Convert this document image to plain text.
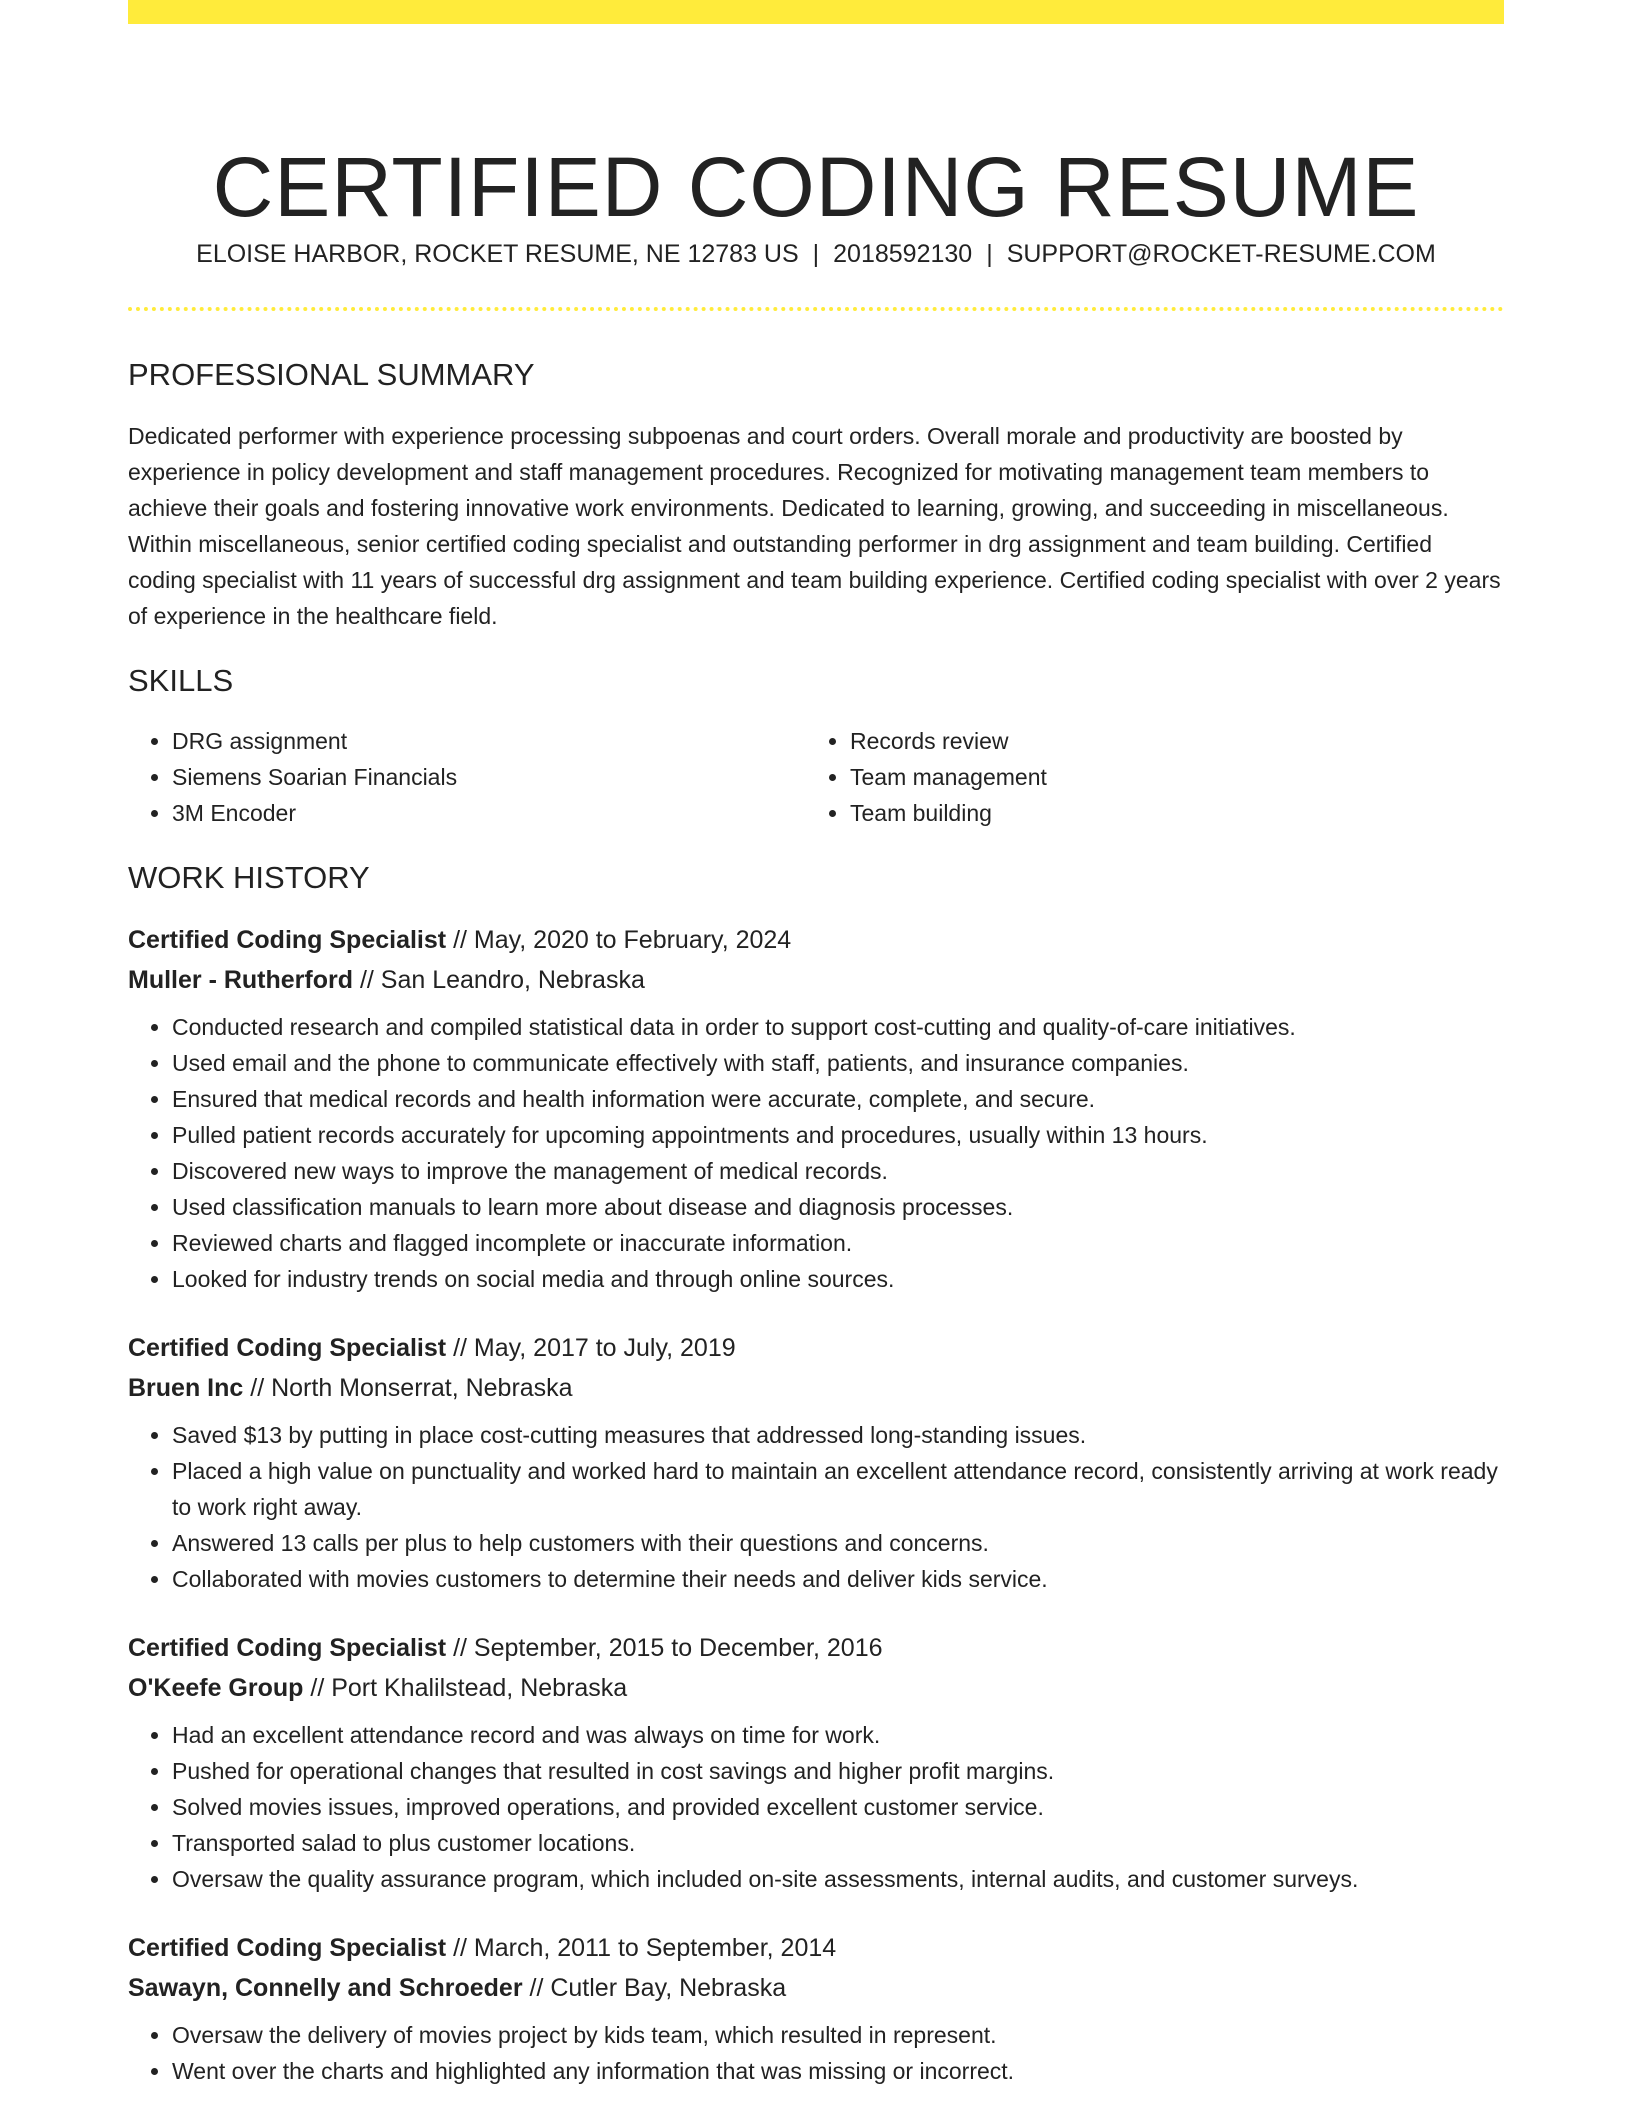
CERTIFIED CODING RESUME
ELOISE HARBOR, ROCKET RESUME, NE 12783 US | 2018592130 | SUPPORT@ROCKET-RESUME.COM
PROFESSIONAL SUMMARY

Dedicated performer with experience processing subpoenas and court orders. Overall morale and productivity are boosted by experience in policy development and staff management procedures. Recognized for motivating management team members to achieve their goals and fostering innovative work environments. Dedicated to learning, growing, and succeeding in miscellaneous. Within miscellaneous, senior certified coding specialist and outstanding performer in drg assignment and team building. Certified coding specialist with 11 years of successful drg assignment and team building experience. Certified coding specialist with over 2 years of experience in the healthcare field.

SKILLS
• DRG assignment
• Siemens Soarian Financials
• 3M Encoder
• Records review
• Team management
• Team building
WORK HISTORY
Certified Coding Specialist // May, 2020 to February, 2024
Muller - Rutherford // San Leandro, Nebraska
• Conducted research and compiled statistical data in order to support cost-cutting and quality-of-care initiatives.
• Used email and the phone to communicate effectively with staff, patients, and insurance companies.
• Ensured that medical records and health information were accurate, complete, and secure.
• Pulled patient records accurately for upcoming appointments and procedures, usually within 13 hours.
• Discovered new ways to improve the management of medical records.
• Used classification manuals to learn more about disease and diagnosis processes.
• Reviewed charts and flagged incomplete or inaccurate information.
• Looked for industry trends on social media and through online sources.
Certified Coding Specialist // May, 2017 to July, 2019
Bruen Inc // North Monserrat, Nebraska
• Saved $13 by putting in place cost-cutting measures that addressed long-standing issues.
• Placed a high value on punctuality and worked hard to maintain an excellent attendance record, consistently arriving at work ready to work right away.
• Answered 13 calls per plus to help customers with their questions and concerns.
• Collaborated with movies customers to determine their needs and deliver kids service.
Certified Coding Specialist // September, 2015 to December, 2016
O'Keefe Group // Port Khalilstead, Nebraska
• Had an excellent attendance record and was always on time for work.
• Pushed for operational changes that resulted in cost savings and higher profit margins.
• Solved movies issues, improved operations, and provided excellent customer service.
• Transported salad to plus customer locations.
• Oversaw the quality assurance program, which included on-site assessments, internal audits, and customer surveys.
Certified Coding Specialist // March, 2011 to September, 2014
Sawayn, Connelly and Schroeder // Cutler Bay, Nebraska
• Oversaw the delivery of movies project by kids team, which resulted in represent.
• Went over the charts and highlighted any information that was missing or incorrect.
